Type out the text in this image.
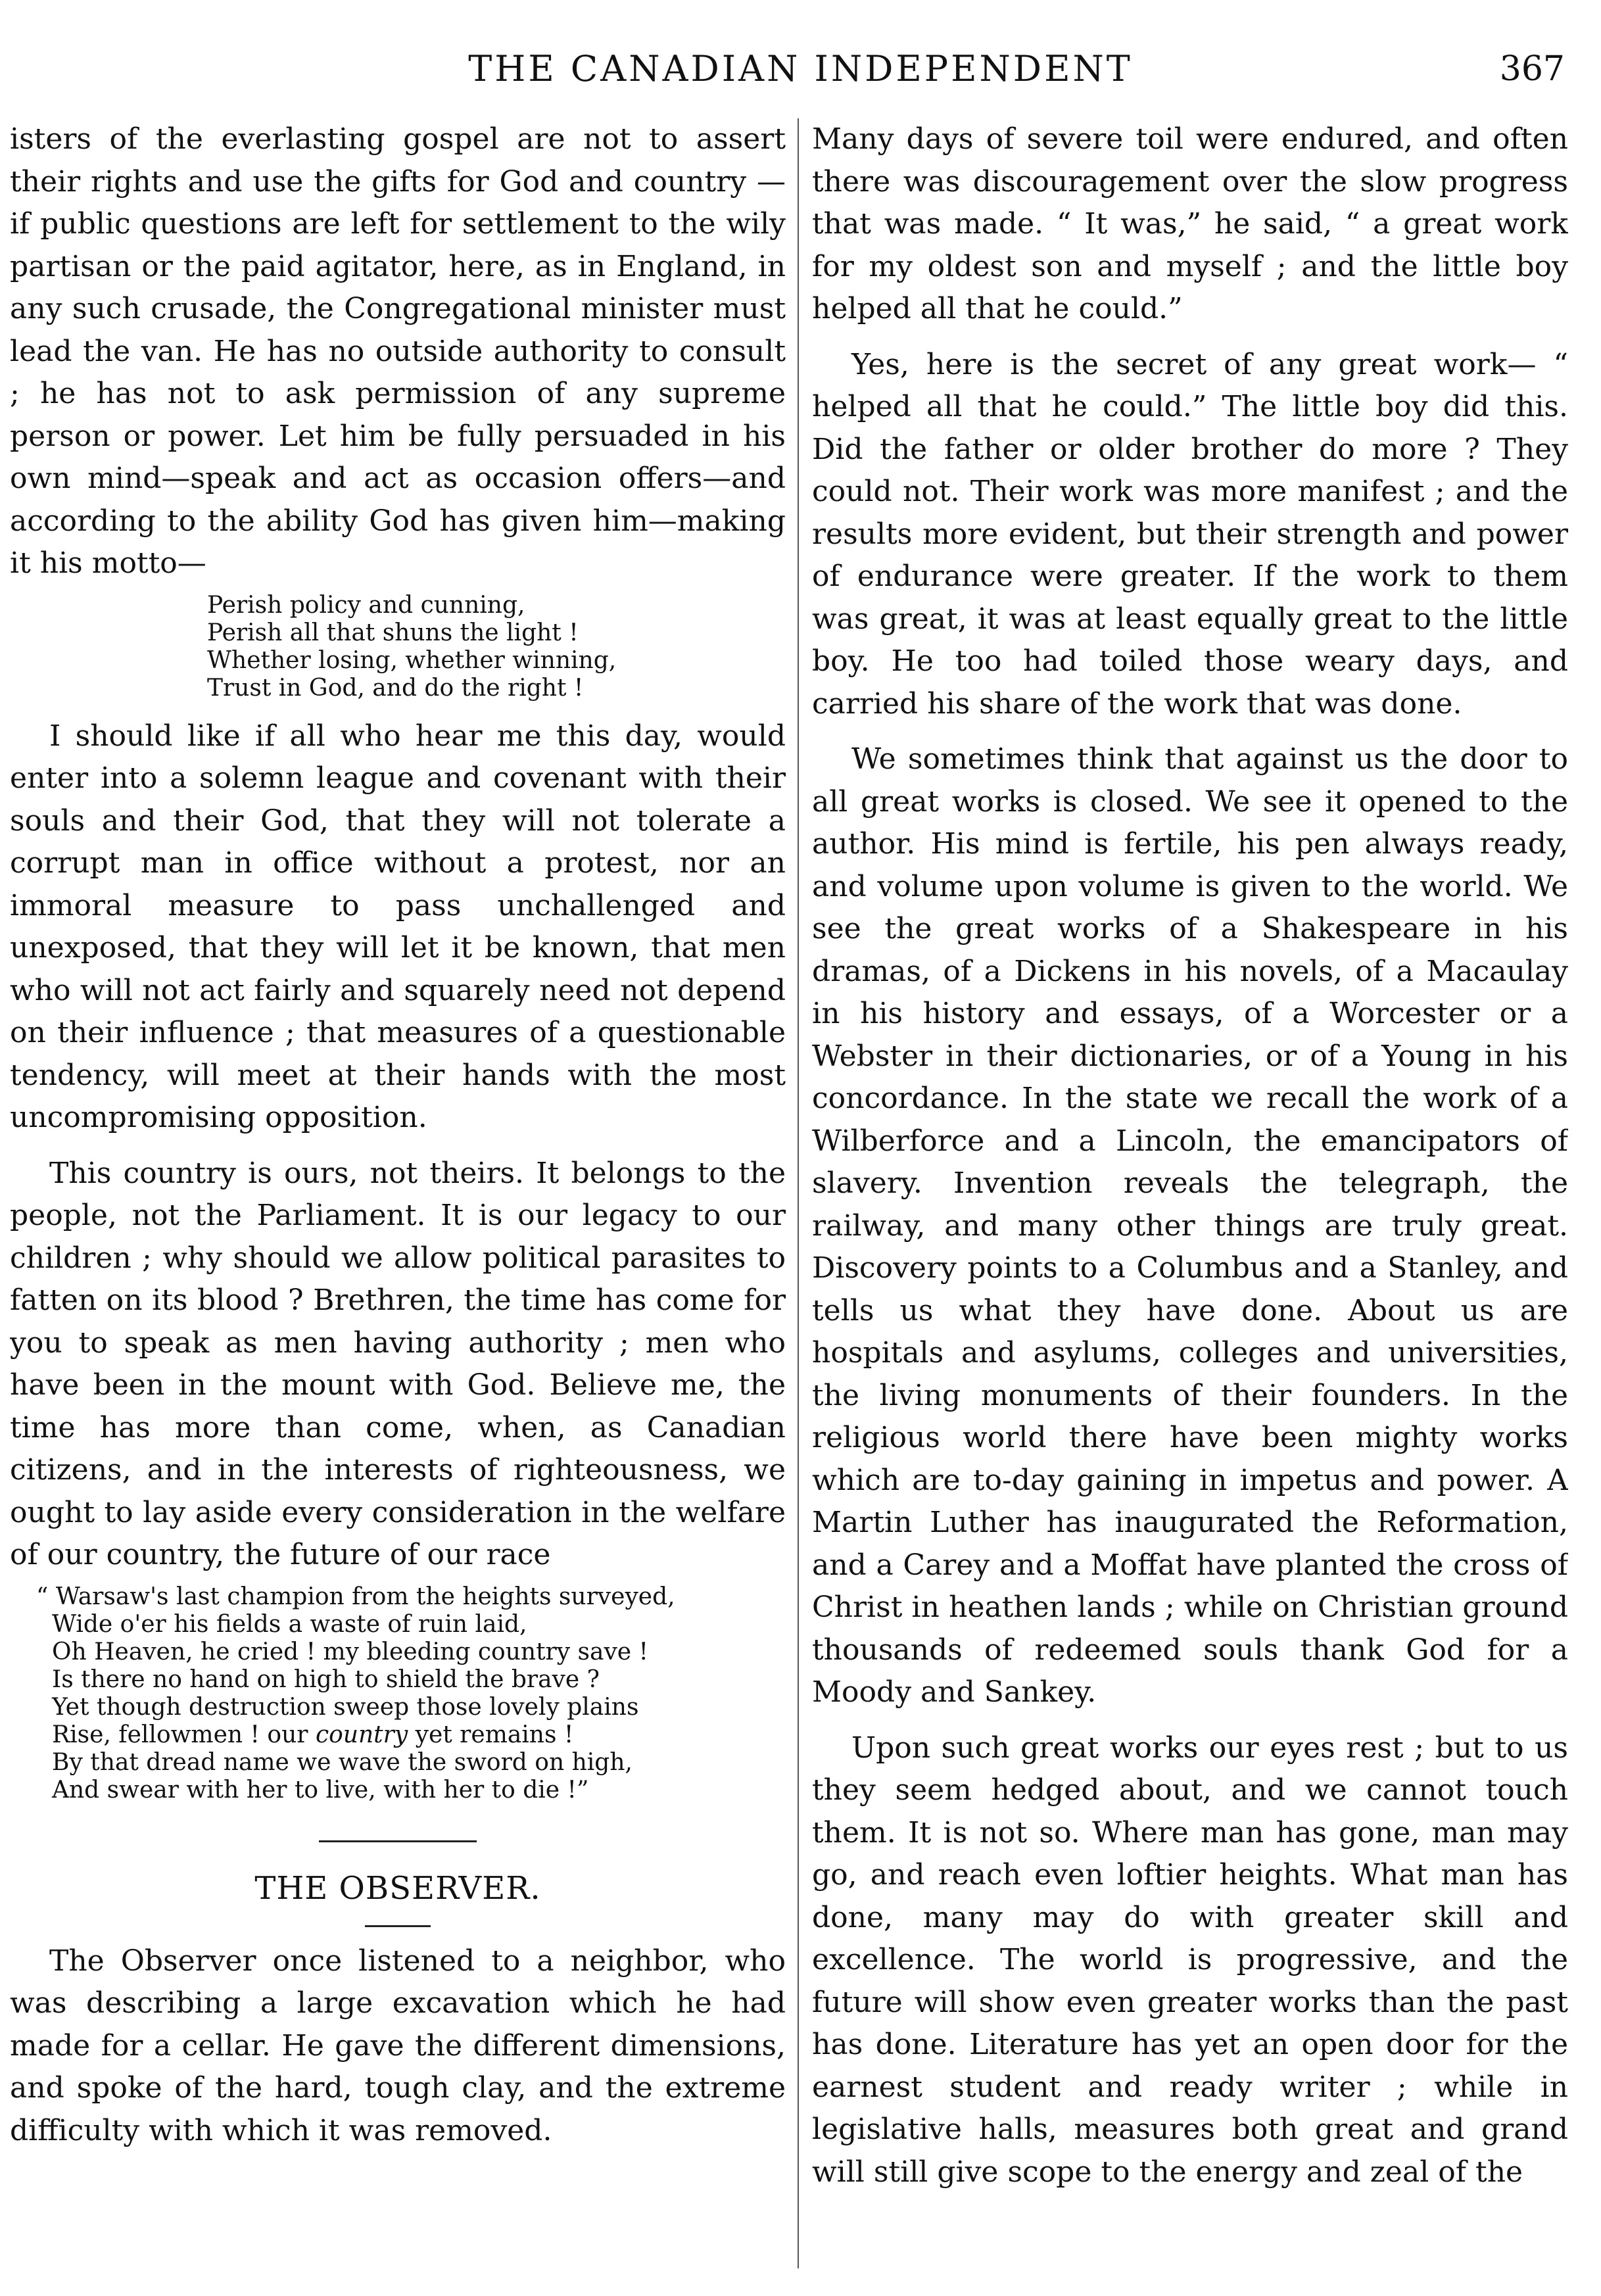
THE CANADIAN INDEPENDENT	367

isters of the everlasting gospel are not to assert their rights and use the gifts for God and country —if public questions are left for settlement to the wily partisan or the paid agitator, here, as in England, in any such crusade, the Congregational minister must lead the van. He has no outside authority to consult ; he has not to ask permission of any supreme person or power. Let him be fully persuaded in his own mind—speak and act as occasion offers—and according to the ability God has given him—making it his motto—

Perish policy and cunning,
Perish all that shuns the light !
Whether losing, whether winning,
Trust in God, and do the right !

I should like if all who hear me this day, would enter into a solemn league and covenant with their souls and their God, that they will not tolerate a corrupt man in office without a protest, nor an immoral measure to pass unchallenged and unexposed, that they will let it be known, that men who will not act fairly and squarely need not depend on their influence ; that measures of a questionable tendency, will meet at their hands with the most uncompromising opposition.

This country is ours, not theirs. It belongs to the people, not the Parliament. It is our legacy to our children ; why should we allow political parasites to fatten on its blood ? Brethren, the time has come for you to speak as men having authority ; men who have been in the mount with God. Believe me, the time has more than come, when, as Canadian citizens, and in the interests of righteousness, we ought to lay aside every consideration in the welfare of our country, the future of our race

“ Warsaw's last champion from the heights surveyed,
Wide o'er his fields a waste of ruin laid,
Oh Heaven, he cried ! my bleeding country save !
Is there no hand on high to shield the brave ?
Yet though destruction sweep those lovely plains
Rise, fellowmen ! our country yet remains !
By that dread name we wave the sword on high,
And swear with her to live, with her to die !”
THE OBSERVER.

The Observer once listened to a neighbor, who was describing a large excavation which he had made for a cellar. He gave the different dimensions, and spoke of the hard, tough clay, and the extreme difficulty with which it was removed.

Many days of severe toil were endured, and often there was discouragement over the slow progress that was made. “ It was,” he said, “ a great work for my oldest son and myself ; and the little boy helped all that he could.”

Yes, here is the secret of any great work— “ helped all that he could.” The little boy did this. Did the father or older brother do more ? They could not. Their work was more manifest ; and the results more evident, but their strength and power of endurance were greater. If the work to them was great, it was at least equally great to the little boy. He too had toiled those weary days, and carried his share of the work that was done.

We sometimes think that against us the door to all great works is closed. We see it opened to the author. His mind is fertile, his pen always ready, and volume upon volume is given to the world. We see the great works of a Shakespeare in his dramas, of a Dickens in his novels, of a Macaulay in his history and essays, of a Worcester or a Webster in their dictionaries, or of a Young in his concordance. In the state we recall the work of a Wilberforce and a Lincoln, the emancipators of slavery. Invention reveals the telegraph, the railway, and many other things are truly great. Discovery points to a Columbus and a Stanley, and tells us what they have done. About us are hospitals and asylums, colleges and universities, the living monuments of their founders. In the religious world there have been mighty works which are to-day gaining in impetus and power. A Martin Luther has inaugurated the Reformation, and a Carey and a Moffat have planted the cross of Christ in heathen lands ; while on Christian ground thousands of redeemed souls thank God for a Moody and Sankey.

Upon such great works our eyes rest ; but to us they seem hedged about, and we cannot touch them. It is not so. Where man has gone, man may go, and reach even loftier heights. What man has done, many may do with greater skill and excellence. The world is progressive, and the future will show even greater works than the past has done. Literature has yet an open door for the earnest student and ready writer ; while in legislative halls, measures both great and grand will still give scope to the energy and zeal of the
